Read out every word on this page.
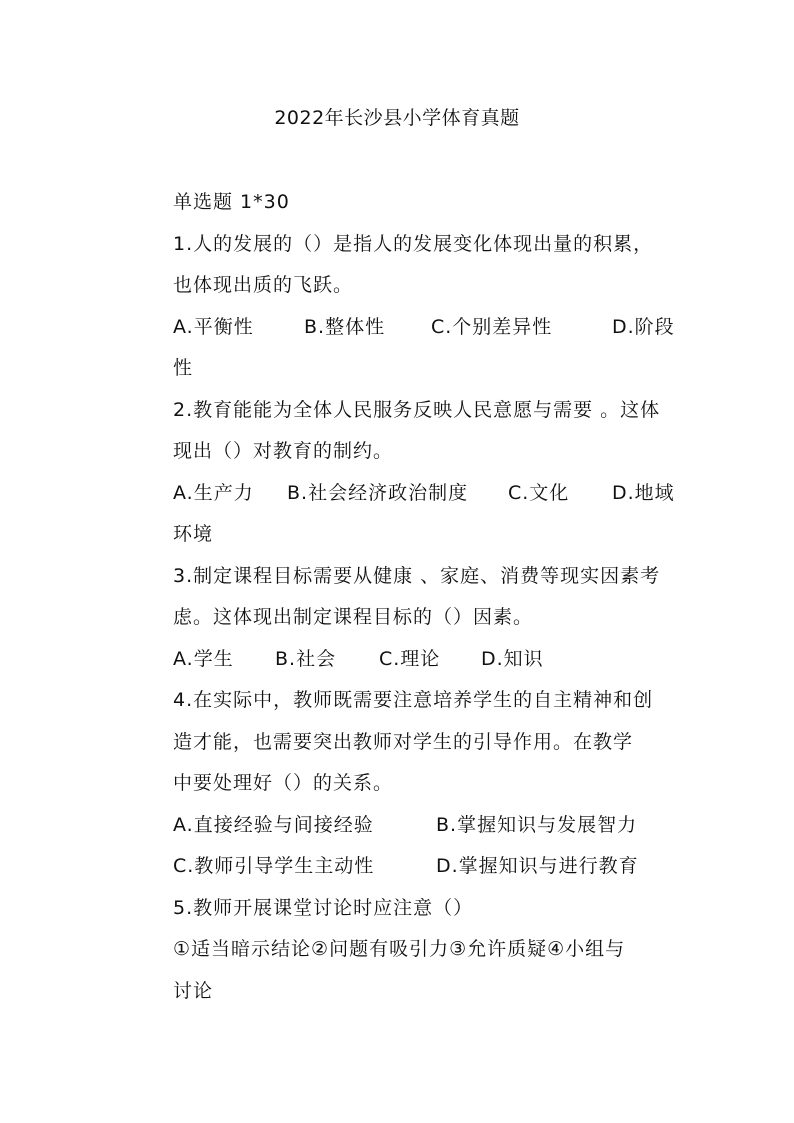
2022年长沙县小学体育真题
单选题 1*30
1.人的发展的（）是指人的发展变化体现出量的积累，
也体现出质的飞跃。
A.平衡性	B.整体性 C.个别差异性	D.阶段
性
2.教育能能为全体人民服务反映人民意愿与需要 。这体
现出（）对教育的制约。
A.生产力 B.社会经济政治制度 C.文化 D.地域
环境
3.制定课程目标需要从健康 、家庭、消费等现实因素考
虑。这体现出制定课程目标的（）因素。
A.学生 B.社会 C.理论 D.知识
4.在实际中，教师既需要注意培养学生的自主精神和创
造才能，也需要突出教师对学生的引导作用。在教学
中要处理好（）的关系。
A.直接经验与间接经验	B.掌握知识与发展智力
C.教师引导学生主动性	D.掌握知识与进行教育
5.教师开展课堂讨论时应注意（）
①适当暗示结论②问题有吸引力③允许质疑④小组与
讨论
